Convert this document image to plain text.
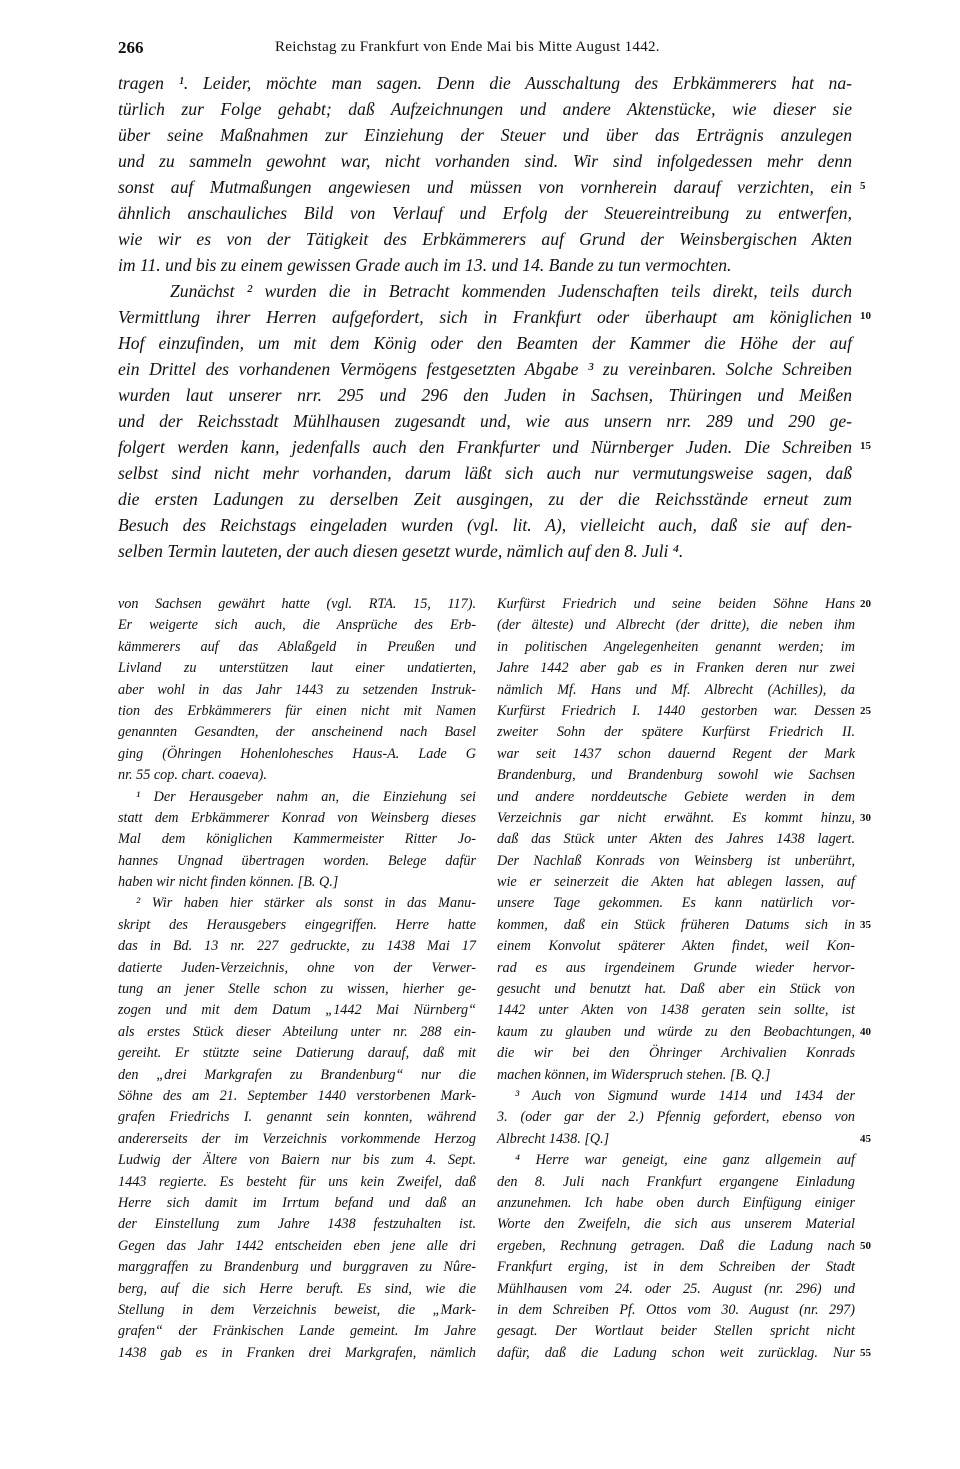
266	Reichstag zu Frankfurt von Ende Mai bis Mitte August 1442.
tragen ¹. Leider, möchte man sagen. Denn die Ausschaltung des Erbkämmerers hat na-
türlich zur Folge gehabt; daß Aufzeichnungen und andere Aktenstücke, wie dieser sie
über seine Maßnahmen zur Einziehung der Steuer und über das Erträgnis anzulegen
und zu sammeln gewohnt war, nicht vorhanden sind. Wir sind infolgedessen mehr denn
sonst auf Mutmaßungen angewiesen und müssen von vornherein darauf verzichten, ein
ähnlich anschauliches Bild von Verlauf und Erfolg der Steuereintreibung zu entwerfen,
wie wir es von der Tätigkeit des Erbkämmerers auf Grund der Weinsbergischen Akten
im 11. und bis zu einem gewissen Grade auch im 13. und 14. Bande zu tun vermochten.
Zunächst ² wurden die in Betracht kommenden Judenschaften teils direkt, teils durch
Vermittlung ihrer Herren aufgefordert, sich in Frankfurt oder überhaupt am königlichen
Hof einzufinden, um mit dem König oder den Beamten der Kammer die Höhe der auf
ein Drittel des vorhandenen Vermögens festgesetzten Abgabe ³ zu vereinbaren. Solche Schreiben
wurden laut unserer nrr. 295 und 296 den Juden in Sachsen, Thüringen und Meißen
und der Reichsstadt Mühlhausen zugesandt und, wie aus unsern nrr. 289 und 290 ge-
folgert werden kann, jedenfalls auch den Frankfurter und Nürnberger Juden. Die Schreiben
selbst sind nicht mehr vorhanden, darum läßt sich auch nur vermutungsweise sagen, daß
die ersten Ladungen zu derselben Zeit ausgingen, zu der die Reichsstände erneut zum
Besuch des Reichstags eingeladen wurden (vgl. lit. A), vielleicht auch, daß sie auf den-
selben Termin lauteten, der auch diesen gesetzt wurde, nämlich auf den 8. Juli ⁴.
von Sachsen gewährt hatte (vgl. RTA. 15, 117).
Er weigerte sich auch, die Ansprüche des Erb-
kämmerers auf das Ablaßgeld in Preußen und
Livland zu unterstützen laut einer undatierten,
aber wohl in das Jahr 1443 zu setzenden Instruk-
tion des Erbkämmerers für einen nicht mit Namen
genannten Gesandten, der anscheinend nach Basel
ging (Öhringen Hohenlohesches Haus-A. Lade G
nr. 55 cop. chart. coaeva).
¹ Der Herausgeber nahm an, die Einziehung sei
statt dem Erbkämmerer Konrad von Weinsberg dieses
Mal dem königlichen Kammermeister Ritter Jo-
hannes Ungnad übertragen worden. Belege dafür
haben wir nicht finden können. [B. Q.]
² Wir haben hier stärker als sonst in das Manu-
skript des Herausgebers eingegriffen. Herre hatte
das in Bd. 13 nr. 227 gedruckte, zu 1438 Mai 17
datierte Juden-Verzeichnis, ohne von der Verwer-
tung an jener Stelle schon zu wissen, hierher ge-
zogen und mit dem Datum „1442 Mai Nürnberg“
als erstes Stück dieser Abteilung unter nr. 288 ein-
gereiht. Er stützte seine Datierung darauf, daß mit
den „drei Markgrafen zu Brandenburg“ nur die
Söhne des am 21. September 1440 verstorbenen Mark-
grafen Friedrichs I. genannt sein konnten, während
andererseits der im Verzeichnis vorkommende Herzog
Ludwig der Ältere von Baiern nur bis zum 4. Sept.
1443 regierte. Es besteht für uns kein Zweifel, daß
Herre sich damit im Irrtum befand und daß an
der Einstellung zum Jahre 1438 festzuhalten ist.
Gegen das Jahr 1442 entscheiden eben jene alle dri
marggraffen zu Brandenburg und burggraven zu Nûre-
berg, auf die sich Herre beruft. Es sind, wie die
Stellung in dem Verzeichnis beweist, die „Mark-
grafen“ der Fränkischen Lande gemeint. Im Jahre
1438 gab es in Franken drei Markgrafen, nämlich
Kurfürst Friedrich und seine beiden Söhne Hans
(der älteste) und Albrecht (der dritte), die neben ihm
in politischen Angelegenheiten genannt werden; im
Jahre 1442 aber gab es in Franken deren nur zwei
nämlich Mf. Hans und Mf. Albrecht (Achilles), da
Kurfürst Friedrich I. 1440 gestorben war. Dessen
zweiter Sohn der spätere Kurfürst Friedrich II.
war seit 1437 schon dauernd Regent der Mark
Brandenburg, und Brandenburg sowohl wie Sachsen
und andere norddeutsche Gebiete werden in dem
Verzeichnis gar nicht erwähnt. Es kommt hinzu,
daß das Stück unter Akten des Jahres 1438 lagert.
Der Nachlaß Konrads von Weinsberg ist unberührt,
wie er seinerzeit die Akten hat ablegen lassen, auf
unsere Tage gekommen. Es kann natürlich vor-
kommen, daß ein Stück früheren Datums sich in
einem Konvolut späterer Akten findet, weil Kon-
rad es aus irgendeinem Grunde wieder hervor-
gesucht und benutzt hat. Daß aber ein Stück von
1442 unter Akten von 1438 geraten sein sollte, ist
kaum zu glauben und würde zu den Beobachtungen,
die wir bei den Öhringer Archivalien Konrads
machen können, im Widerspruch stehen. [B. Q.]
³ Auch von Sigmund wurde 1414 und 1434 der
3. (oder gar der 2.) Pfennig gefordert, ebenso von
Albrecht 1438. [Q.]
⁴ Herre war geneigt, eine ganz allgemein auf
den 8. Juli nach Frankfurt ergangene Einladung
anzunehmen. Ich habe oben durch Einfügung einiger
Worte den Zweifeln, die sich aus unserem Material
ergeben, Rechnung getragen. Daß die Ladung nach
Frankfurt erging, ist in dem Schreiben der Stadt
Mühlhausen vom 24. oder 25. August (nr. 296) und
in dem Schreiben Pf. Ottos vom 30. August (nr. 297)
gesagt. Der Wortlaut beider Stellen spricht nicht
dafür, daß die Ladung schon weit zurücklag. Nur
5
10
15
20
25
30
35
40
45
50
55
